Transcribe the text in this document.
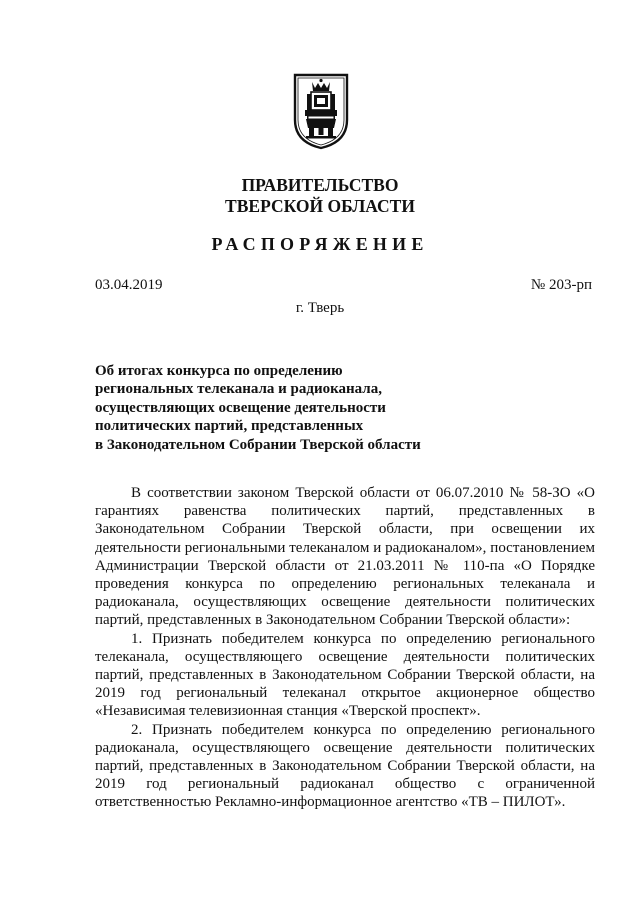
ПРАВИТЕЛЬСТВО
ТВЕРСКОЙ ОБЛАСТИ
РАСПОРЯЖЕНИЕ
03.04.2019	№ 203-рп
г. Тверь
Об итогах конкурса по определению
региональных телеканала и радиоканала,
осуществляющих освещение деятельности
политических партий, представленных
в Законодательном Собрании Тверской области

В соответствии законом Тверской области от 06.07.2010 № 58-ЗО «О гарантиях равенства политических партий, представленных в Законодательном Собрании Тверской области, при освещении их деятельности региональными телеканалом и радиоканалом», постановлением Администрации Тверской области от 21.03.2011 № 110-па «О Порядке проведения конкурса по определению региональных телеканала и радиоканала, осуществляющих освещение деятельности политических партий, представленных в Законодательном Собрании Тверской области»:

1. Признать победителем конкурса по определению регионального телеканала, осуществляющего освещение деятельности политических партий, представленных в Законодательном Собрании Тверской области, на 2019 год региональный телеканал открытое акционерное общество «Независимая телевизионная станция «Тверской проспект».

2. Признать победителем конкурса по определению регионального радиоканала, осуществляющего освещение деятельности политических партий, представленных в Законодательном Собрании Тверской области, на 2019 год региональный радиоканал общество с ограниченной ответственностью Рекламно-информационное агентство «ТВ – ПИЛОТ».
